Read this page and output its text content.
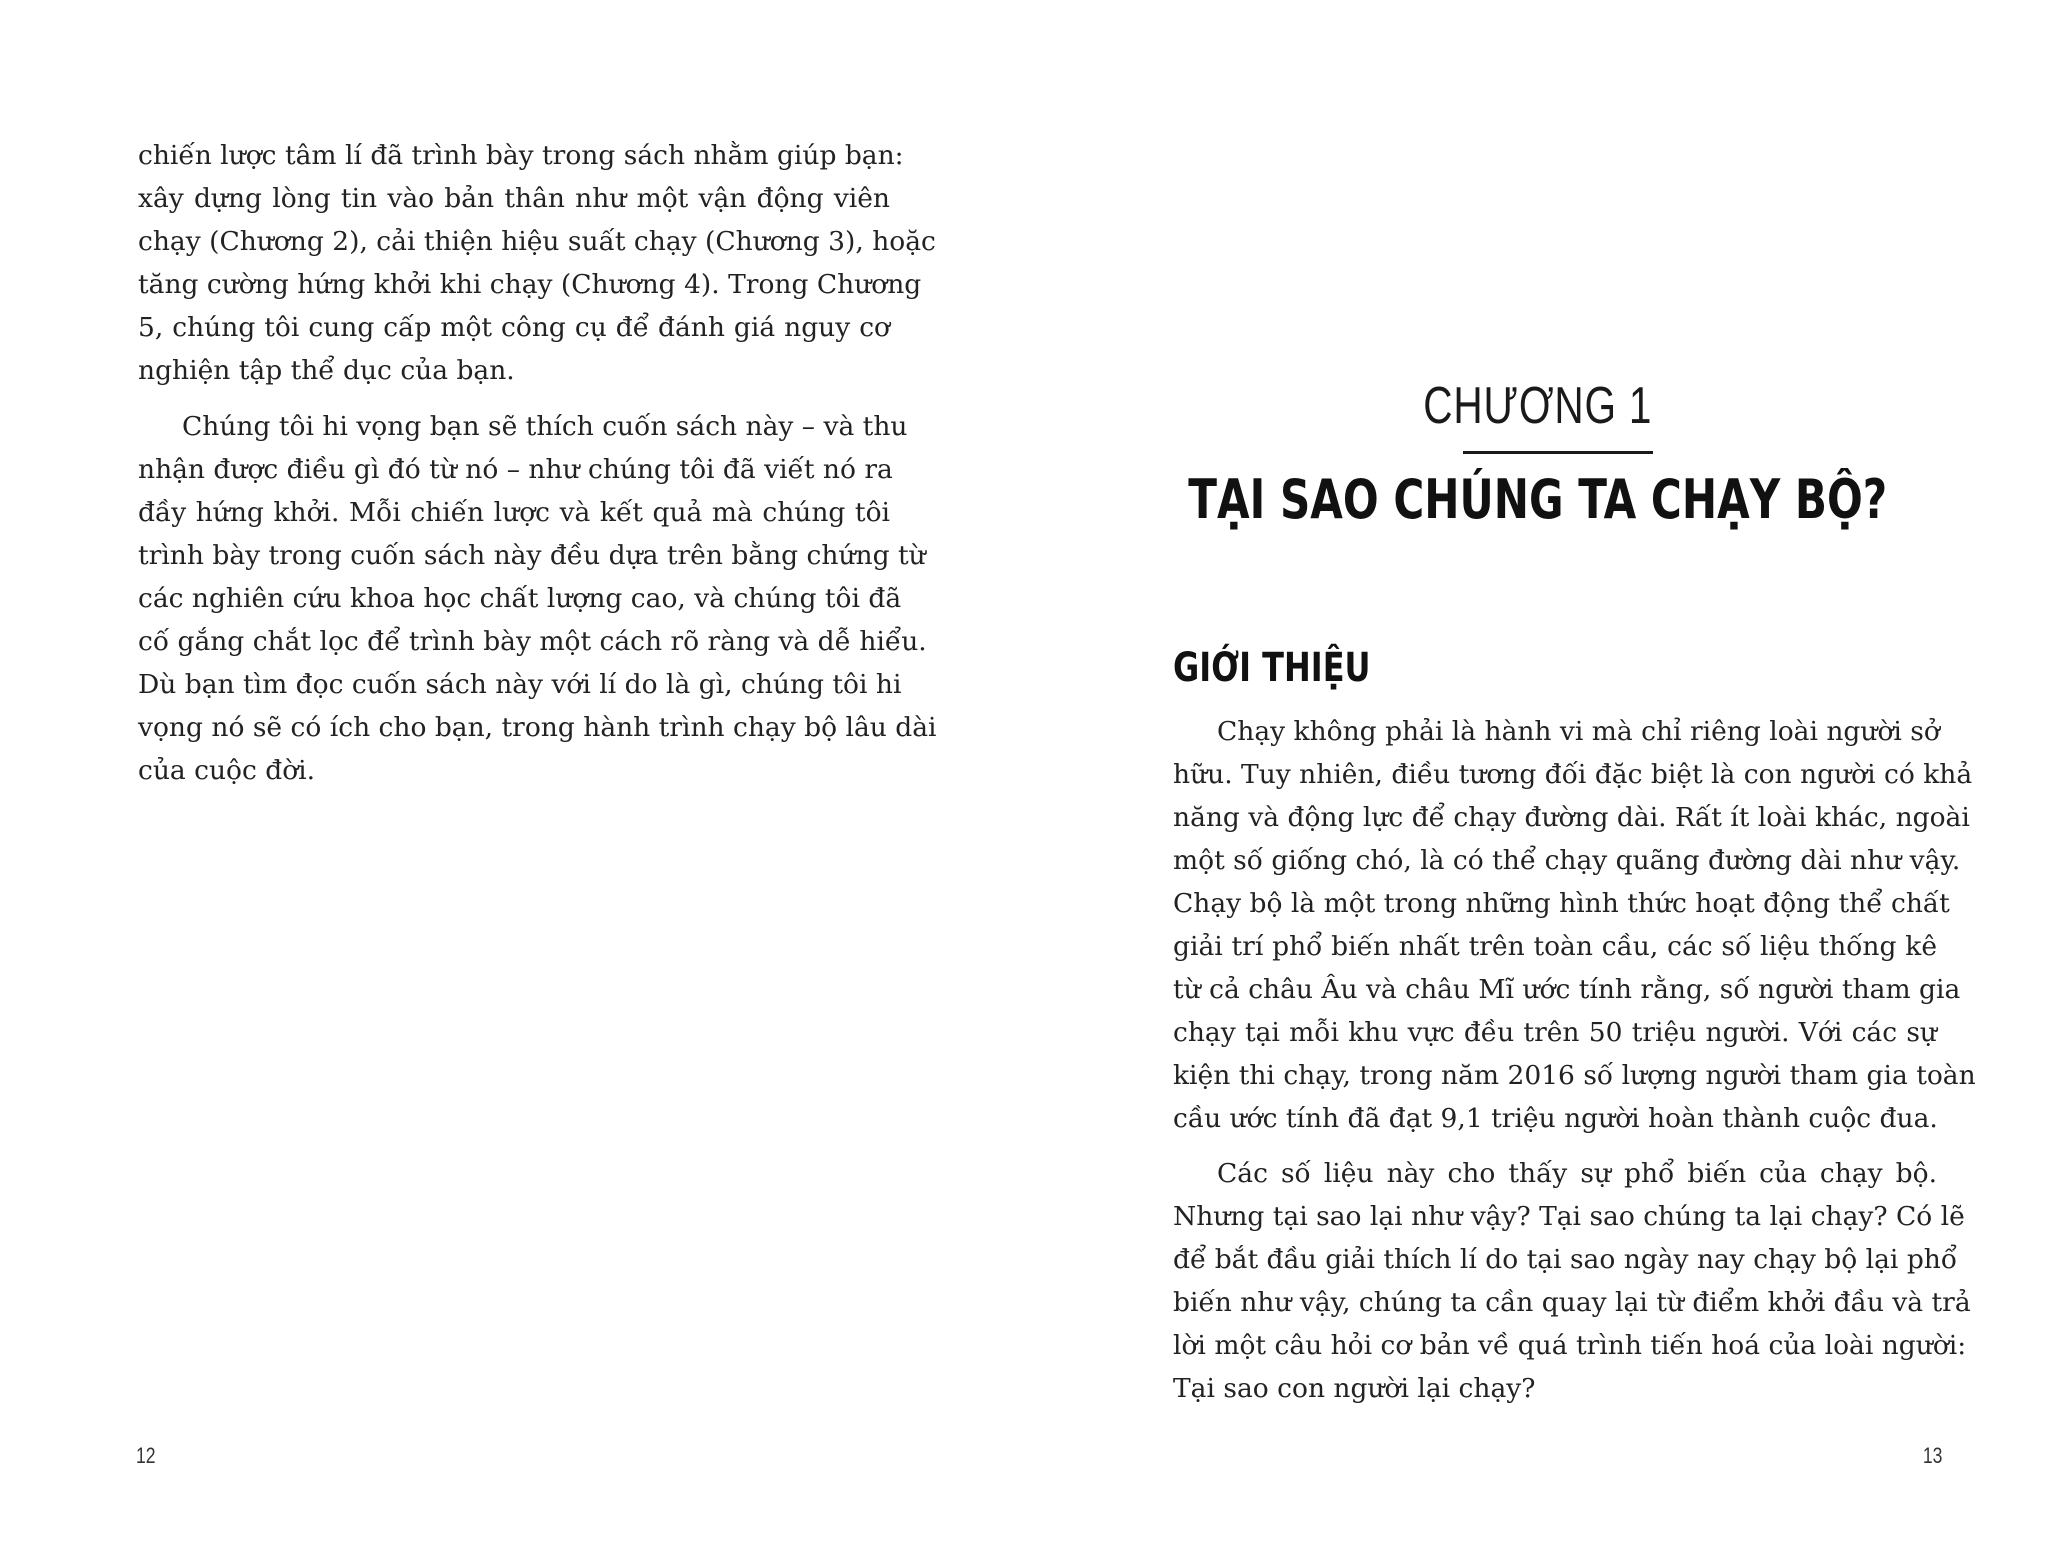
chiến lược tâm lí đã trình bày trong sách nhằm giúp bạn:
xây dựng lòng tin vào bản thân như một vận động viên
chạy (Chương 2), cải thiện hiệu suất chạy (Chương 3), hoặc
tăng cường hứng khởi khi chạy (Chương 4). Trong Chương
5, chúng tôi cung cấp một công cụ để đánh giá nguy cơ
nghiện tập thể dục của bạn.
Chúng tôi hi vọng bạn sẽ thích cuốn sách này – và thu
nhận được điều gì đó từ nó – như chúng tôi đã viết nó ra
đầy hứng khởi. Mỗi chiến lược và kết quả mà chúng tôi
trình bày trong cuốn sách này đều dựa trên bằng chứng từ
các nghiên cứu khoa học chất lượng cao, và chúng tôi đã
cố gắng chắt lọc để trình bày một cách rõ ràng và dễ hiểu.
Dù bạn tìm đọc cuốn sách này với lí do là gì, chúng tôi hi
vọng nó sẽ có ích cho bạn, trong hành trình chạy bộ lâu dài
của cuộc đời.
12
CHƯƠNG 1
TẠI SAO CHÚNG TA CHẠY BỘ?
GIỚI THIỆU
Chạy không phải là hành vi mà chỉ riêng loài người sở
hữu. Tuy nhiên, điều tương đối đặc biệt là con người có khả
năng và động lực để chạy đường dài. Rất ít loài khác, ngoài
một số giống chó, là có thể chạy quãng đường dài như vậy.
Chạy bộ là một trong những hình thức hoạt động thể chất
giải trí phổ biến nhất trên toàn cầu, các số liệu thống kê
từ cả châu Âu và châu Mĩ ước tính rằng, số người tham gia
chạy tại mỗi khu vực đều trên 50 triệu người. Với các sự
kiện thi chạy, trong năm 2016 số lượng người tham gia toàn
cầu ước tính đã đạt 9,1 triệu người hoàn thành cuộc đua.
Các số liệu này cho thấy sự phổ biến của chạy bộ.
Nhưng tại sao lại như vậy? Tại sao chúng ta lại chạy? Có lẽ
để bắt đầu giải thích lí do tại sao ngày nay chạy bộ lại phổ
biến như vậy, chúng ta cần quay lại từ điểm khởi đầu và trả
lời một câu hỏi cơ bản về quá trình tiến hoá của loài người:
Tại sao con người lại chạy?
13
